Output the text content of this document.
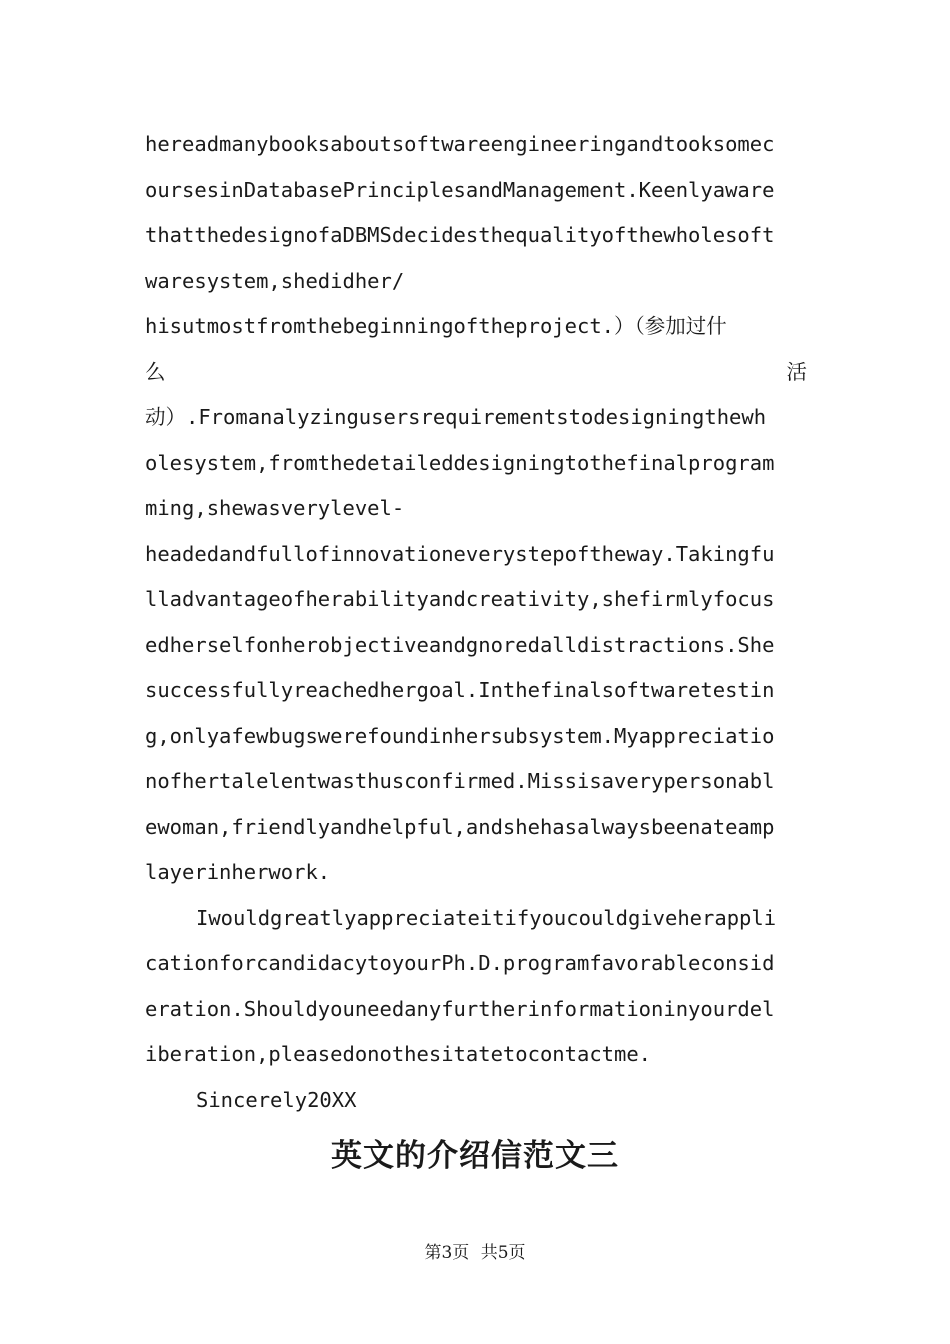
hereadmanybooksaboutsoftwareengineeringandtooksomec
oursesinDatabasePrinciplesandManagement.Keenlyaware
thatthedesignofaDBMSdecidesthequalityofthewholesoft
waresystem,shedidher/
hisutmostfromthebeginningoftheproject.）（参加过什
么	活
动）.Fromanalyzingusersrequirementstodesigningthewh
olesystem,fromthedetaileddesigningtothefinalprogram
ming,shewasverylevel-
headedandfullofinnovationeverystepoftheway.Takingfu
lladvantageofherabilityandcreativity,shefirmlyfocus
edherselfonherobjectiveandgnoredalldistractions.She
successfullyreachedhergoal.Inthefinalsoftwaretestin
g,onlyafewbugswerefoundinhersubsystem.Myappreciatio
nofhertalelentwasthusconfirmed.Missisaverypersonabl
ewoman,friendlyandhelpful,andshehasalwaysbeenateamp
layerinherwork.
Iwouldgreatlyappreciateitifyoucouldgiveherappli
cationforcandidacytoyourPh.D.programfavorableconsid
eration.Shouldyouneedanyfurtherinformationinyourdel
iberation,pleasedonothesitatetocontactme.
Sincerely20XX
英文的介绍信范文三
第3页 共5页
